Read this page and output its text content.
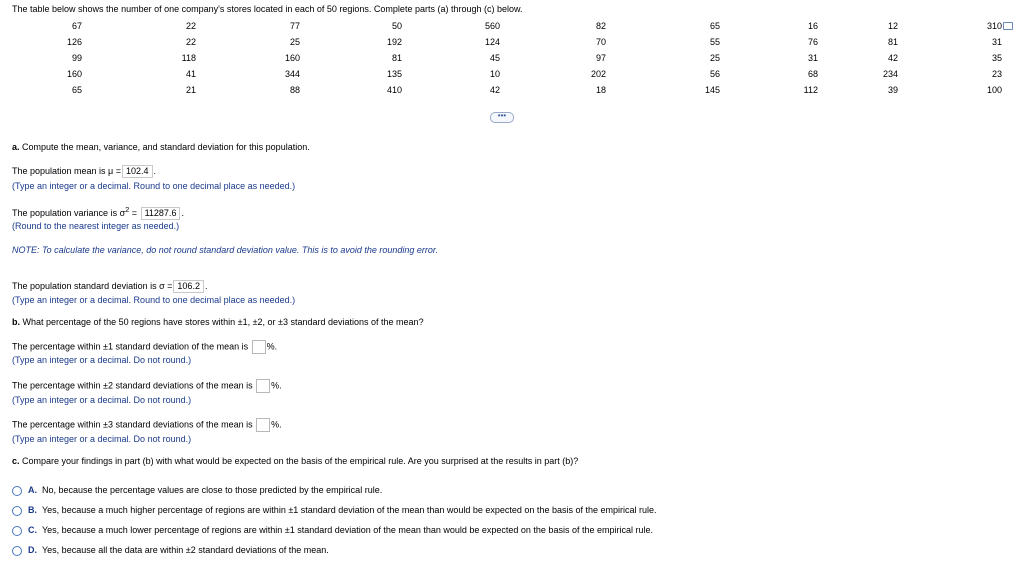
The table below shows the number of one company's stores located in each of 50 regions. Complete parts (a) through (c) below.
67	22	77	50	560	82	65	16	12	310
126	22	25	192	124	70	55	76	81	31
99	118	160	81	45	97	25	31	42	35
160	41	344	135	10	202	56	68	234	23
65	21	88	410	42	18	145	112	39	100
•••
a. Compute the mean, variance, and standard deviation for this population.
The population mean is μ = 102.4 .
(Type an integer or a decimal. Round to one decimal place as needed.)
The population variance is $\sigma^2 = 11287.6$ .
(Round to the nearest integer as needed.)
NOTE: To calculate the variance, do not round standard deviation value. This is to avoid the rounding error.
The population standard deviation is σ = 106.2 .
(Type an integer or a decimal. Round to one decimal place as needed.)
b. What percentage of the 50 regions have stores within ±1, ±2, or ±3 standard deviations of the mean?
The percentage within ±1 standard deviation of the mean is %.
(Type an integer or a decimal. Do not round.)
The percentage within ±2 standard deviations of the mean is %.
(Type an integer or a decimal. Do not round.)
The percentage within ±3 standard deviations of the mean is %.
(Type an integer or a decimal. Do not round.)
c. Compare your findings in part (b) with what would be expected on the basis of the empirical rule. Are you surprised at the results in part (b)?
A. No, because the percentage values are close to those predicted by the empirical rule.
B. Yes, because a much higher percentage of regions are within ±1 standard deviation of the mean than would be expected on the basis of the empirical rule.
C. Yes, because a much lower percentage of regions are within ±1 standard deviation of the mean than would be expected on the basis of the empirical rule.
D. Yes, because all the data are within ±2 standard deviations of the mean.
